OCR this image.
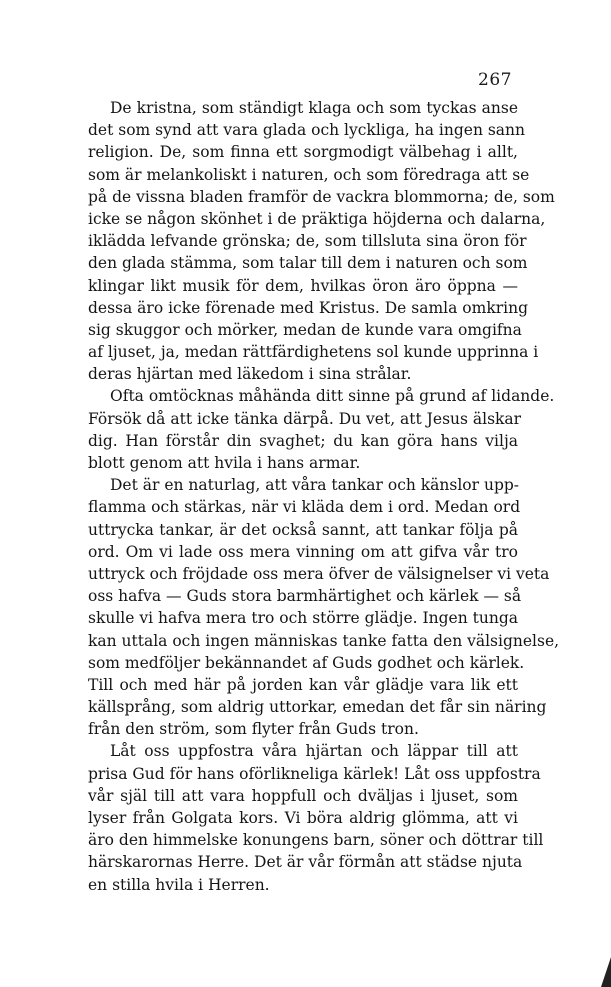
267
De kristna, som ständigt klaga och som tyckas anse
det som synd att vara glada och lyckliga, ha ingen sann
religion. De, som finna ett sorgmodigt välbehag i allt,
som är melankoliskt i naturen, och som föredraga att se
på de vissna bladen framför de vackra blommorna; de, som
icke se någon skönhet i de präktiga höjderna och dalarna,
iklädda lefvande grönska; de, som tillsluta sina öron för
den glada stämma, som talar till dem i naturen och som
klingar likt musik för dem, hvilkas öron äro öppna —
dessa äro icke förenade med Kristus. De samla omkring
sig skuggor och mörker, medan de kunde vara omgifna
af ljuset, ja, medan rättfärdighetens sol kunde upprinna i
deras hjärtan med läkedom i sina strålar.
Ofta omtöcknas måhända ditt sinne på grund af lidande.
Försök då att icke tänka därpå. Du vet, att Jesus älskar
dig. Han förstår din svaghet; du kan göra hans vilja
blott genom att hvila i hans armar.
Det är en naturlag, att våra tankar och känslor upp-
flamma och stärkas, när vi kläda dem i ord. Medan ord
uttrycka tankar, är det också sannt, att tankar följa på
ord. Om vi lade oss mera vinning om att gifva vår tro
uttryck och fröjdade oss mera öfver de välsignelser vi veta
oss hafva — Guds stora barmhärtighet och kärlek — så
skulle vi hafva mera tro och större glädje. Ingen tunga
kan uttala och ingen människas tanke fatta den välsignelse,
som medföljer bekännandet af Guds godhet och kärlek.
Till och med här på jorden kan vår glädje vara lik ett
källsprång, som aldrig uttorkar, emedan det får sin näring
från den ström, som flyter från Guds tron.
Låt oss uppfostra våra hjärtan och läppar till att
prisa Gud för hans oförlikneliga kärlek! Låt oss uppfostra
vår själ till att vara hoppfull och dväljas i ljuset, som
lyser från Golgata kors. Vi böra aldrig glömma, att vi
äro den himmelske konungens barn, söner och döttrar till
härskarornas Herre. Det är vår förmån att städse njuta
en stilla hvila i Herren.
